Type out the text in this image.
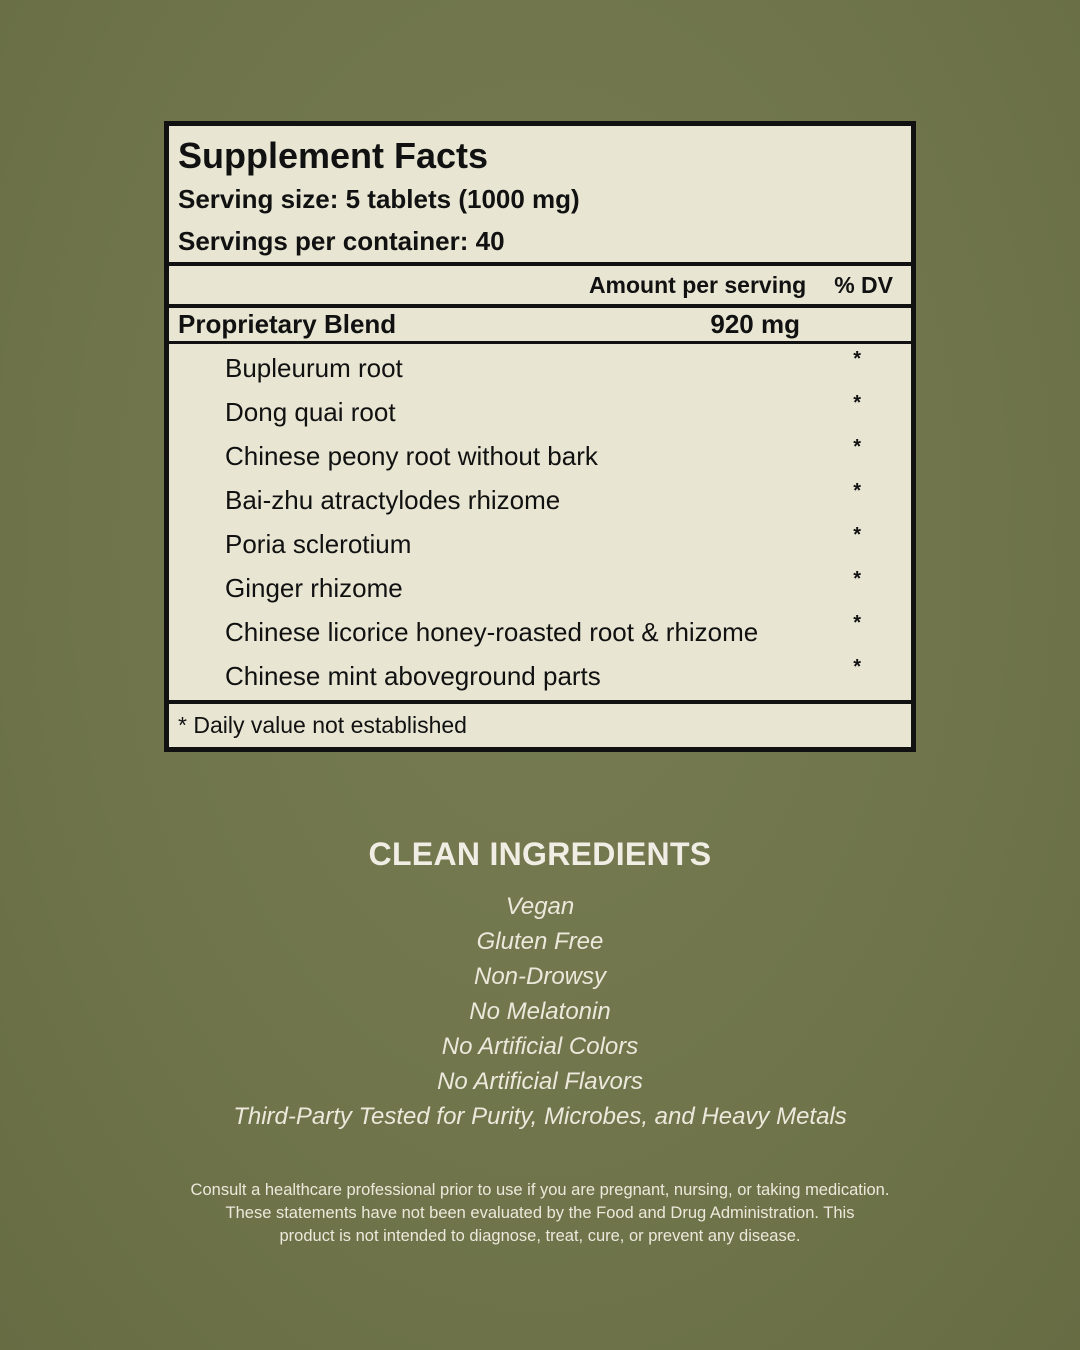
Supplement Facts
Serving size: 5 tablets (1000 mg)
Servings per container: 40
Amount per serving % DV
Proprietary Blend	920 mg
Bupleurum root	*
Dong quai root	*
Chinese peony root without bark	*
Bai-zhu atractylodes rhizome	*
Poria sclerotium	*
Ginger rhizome	*
Chinese licorice honey-roasted root & rhizome	*
Chinese mint aboveground parts	*
* Daily value not established
CLEAN INGREDIENTS
Vegan
Gluten Free
Non-Drowsy
No Melatonin
No Artificial Colors
No Artificial Flavors
Third-Party Tested for Purity, Microbes, and Heavy Metals
Consult a healthcare professional prior to use if you are pregnant, nursing, or taking medication.
These statements have not been evaluated by the Food and Drug Administration. This
product is not intended to diagnose, treat, cure, or prevent any disease.
